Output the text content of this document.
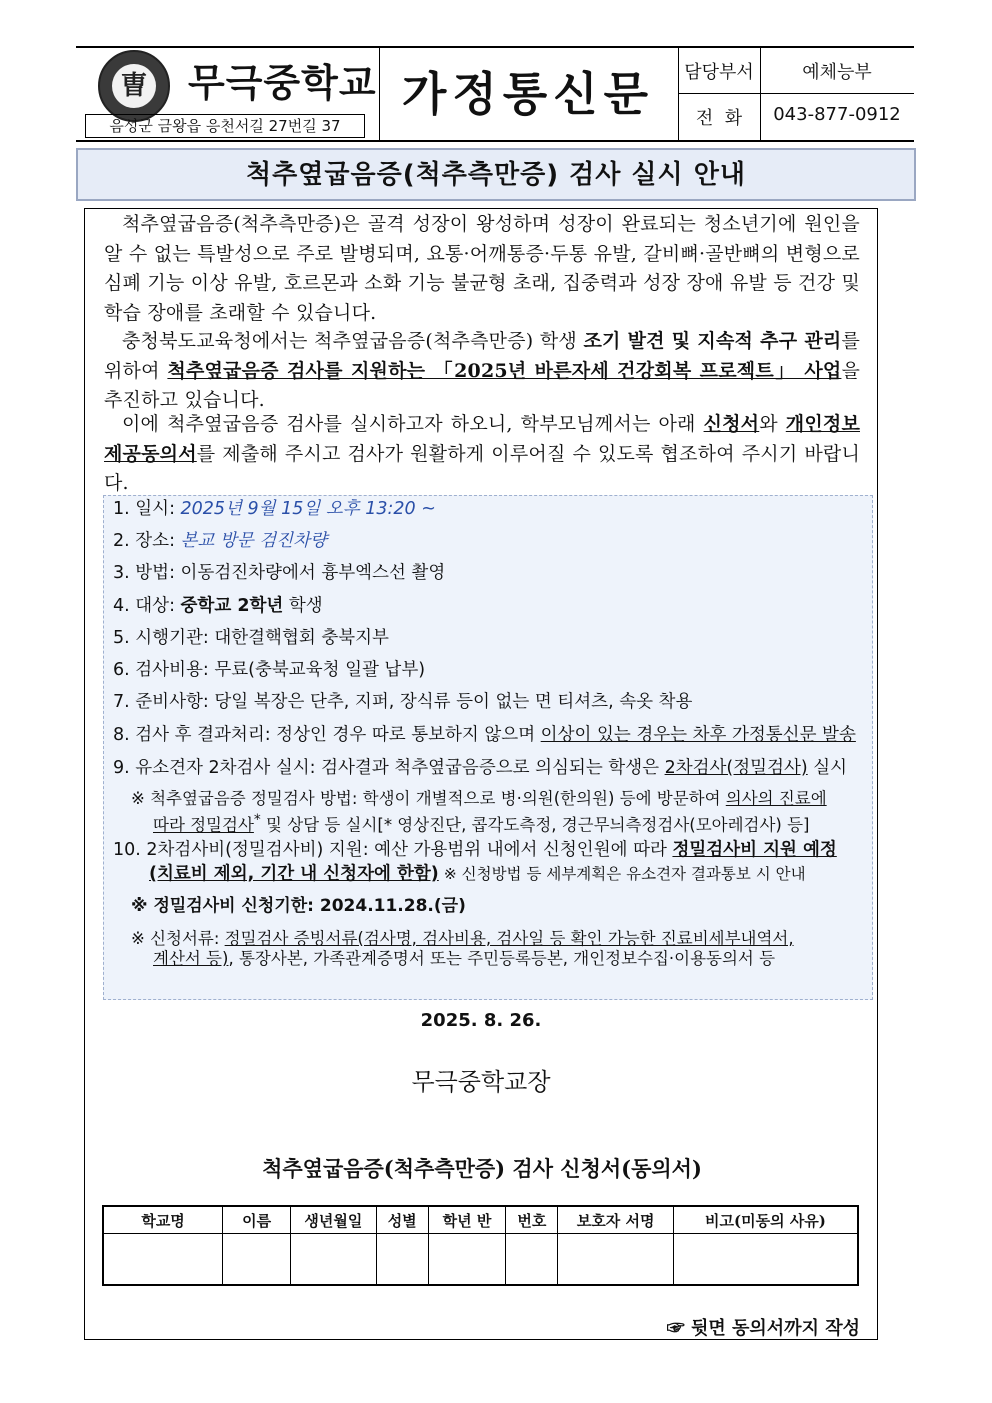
曺 무극중학교
음성군 금왕읍 응천서길 27번길 37
가정통신문	담당부서	예체능부
전  화	043-877-0912
척추옆굽음증(척추측만증) 검사 실시 안내
척추옆굽음증(척추측만증)은 골격 성장이 왕성하며 성장이 완료되는 청소년기에 원인을 알 수 없는 특발성으로 주로 발병되며, 요통·어깨통증·두통 유발, 갈비뼈·골반뼈의 변형으로 심폐 기능 이상 유발, 호르몬과 소화 기능 불균형 초래, 집중력과 성장 장애 유발 등 건강 및 학습 장애를 초래할 수 있습니다.
충청북도교육청에서는 척추옆굽음증(척추측만증) 학생 조기 발견 및 지속적 추구 관리를 위하여 척추옆굽음증 검사를 지원하는 「2025년 바른자세 건강회복 프로젝트」 사업을 추진하고 있습니다.
이에 척추옆굽음증 검사를 실시하고자 하오니, 학부모님께서는 아래 신청서와 개인정보제공동의서를 제출해 주시고 검사가 원활하게 이루어질 수 있도록 협조하여 주시기 바랍니다.
1. 일시: 2025년 9월 15일 오후 13:20 ~
2. 장소: 본교 방문 검진차량
3. 방법: 이동검진차량에서 흉부엑스선 촬영
4. 대상: 중학교 2학년 학생
5. 시행기관: 대한결핵협회 충북지부
6. 검사비용: 무료(충북교육청 일괄 납부)
7. 준비사항: 당일 복장은 단추, 지퍼, 장식류 등이 없는 면 티셔츠, 속옷 착용
8. 검사 후 결과처리: 정상인 경우 따로 통보하지 않으며 이상이 있는 경우는 차후 가정통신문 발송
9. 유소견자 2차검사 실시: 검사결과 척추옆굽음증으로 의심되는 학생은 2차검사(정밀검사) 실시
※ 척추옆굽음증 정밀검사 방법: 학생이 개별적으로 병·의원(한의원) 등에 방문하여 의사의 진료에
따라 정밀검사* 및 상담 등 실시[* 영상진단, 콥각도측정, 경근무늬측정검사(모아레검사) 등]
10. 2차검사비(정밀검사비) 지원: 예산 가용범위 내에서 신청인원에 따라 정밀검사비 지원 예정
(치료비 제외, 기간 내 신청자에 한함) ※ 신청방법 등 세부계획은 유소견자 결과통보 시 안내
※ 정밀검사비 신청기한: 2024.11.28.(금)
※ 신청서류: 정밀검사 증빙서류(검사명, 검사비용, 검사일 등 확인 가능한 진료비세부내역서,
계산서 등), 통장사본, 가족관계증명서 또는 주민등록등본, 개인정보수집·이용동의서 등
2025. 8. 26.
무극중학교장
척추옆굽음증(척추측만증) 검사 신청서(동의서)
학교명	이름	생년월일	성별	학년 반	번호	보호자 서명	비고(미동의 사유)

☞ 뒷면 동의서까지 작성
